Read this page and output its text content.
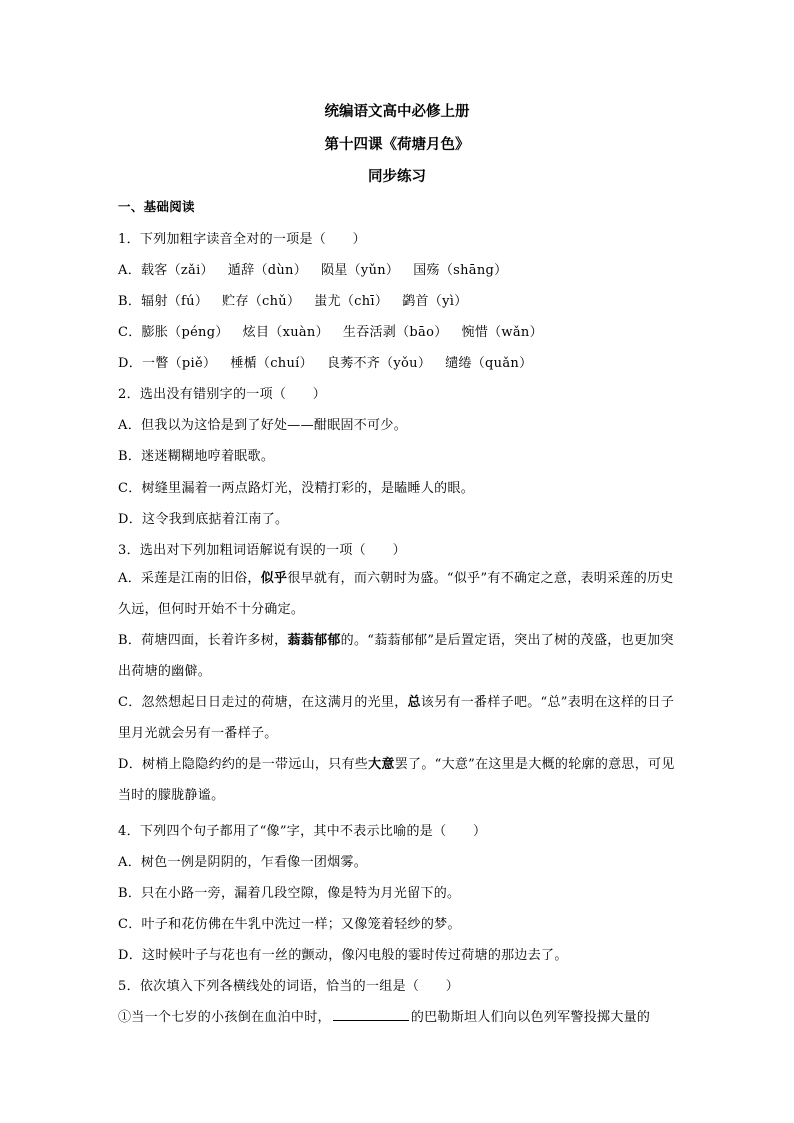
统编语文高中必修上册
第十四课《荷塘月色》
同步练习
一、基础阅读
1．下列加粗字读音全对的一项是（　　）
A．载客（zǎi） 遁辞（dùn） 陨星（yǔn） 国殇（shāng）
B．辐射（fú） 贮存（chǔ） 蚩尤（chī） 鹢首（yì）
C．膨胀（péng） 炫目（xuàn） 生吞活剥（bāo） 惋惜（wǎn）
D．一瞥（piě） 棰楯（chuí） 良莠不齐（yǒu） 缱绻（quǎn）
2．选出没有错别字的一项（　　）
A．但我以为这恰是到了好处——酣眠固不可少。
B．迷迷糊糊地哼着眠歌。
C．树缝里漏着一两点路灯光，没精打彩的，是瞌睡人的眼。
D．这令我到底掂着江南了。
3．选出对下列加粗词语解说有误的一项（　　）
A．采莲是江南的旧俗，似乎很早就有，而六朝时为盛。“似乎”有不确定之意，表明采莲的历史久远，但何时开始不十分确定。
B．荷塘四面，长着许多树，蓊蓊郁郁的。“蓊蓊郁郁”是后置定语，突出了树的茂盛，也更加突出荷塘的幽僻。
C．忽然想起日日走过的荷塘，在这满月的光里，总该另有一番样子吧。“总”表明在这样的日子里月光就会另有一番样子。
D．树梢上隐隐约约的是一带远山，只有些大意罢了。“大意”在这里是大概的轮廓的意思，可见当时的朦胧静谧。
4．下列四个句子都用了“像”字，其中不表示比喻的是（　　）
A．树色一例是阴阴的，乍看像一团烟雾。
B．只在小路一旁，漏着几段空隙，像是特为月光留下的。
C．叶子和花仿佛在牛乳中洗过一样；又像笼着轻纱的梦。
D．这时候叶子与花也有一丝的颤动，像闪电般的霎时传过荷塘的那边去了。
5．依次填入下列各横线处的词语，恰当的一组是（　　）
①当一个七岁的小孩倒在血泊中时，	的巴勒斯坦人们向以色列军警投掷大量的
